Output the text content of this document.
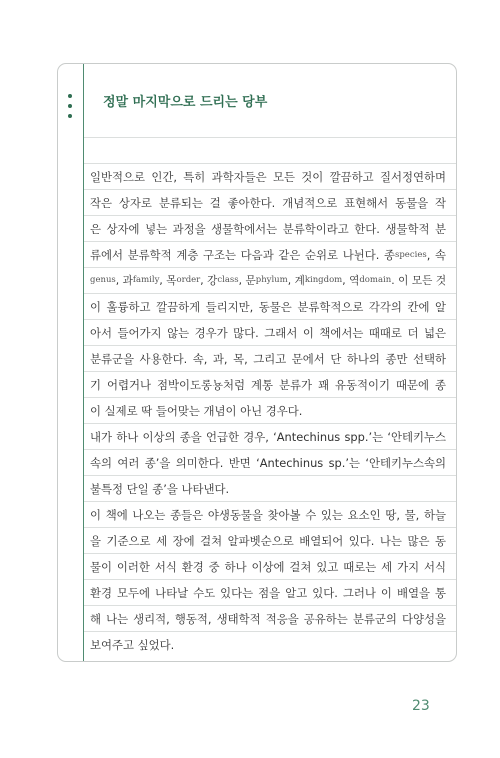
정말 마지막으로 드리는 당부
일반적으로 인간, 특히 과학자들은 모든 것이 깔끔하고 질서정연하며
작은 상자로 분류되는 걸 좋아한다. 개념적으로 표현해서 동물을 작
은 상자에 넣는 과정을 생물학에서는 분류학이라고 한다. 생물학적 분
류에서 분류학적 계층 구조는 다음과 같은 순위로 나뉜다. 종species, 속
genus, 과family, 목order, 강class, 문phylum, 계kingdom, 역domain. 이 모든 것
이 훌륭하고 깔끔하게 들리지만, 동물은 분류학적으로 각각의 칸에 알
아서 들어가지 않는 경우가 많다. 그래서 이 책에서는 때때로 더 넓은
분류군을 사용한다. 속, 과, 목, 그리고 문에서 단 하나의 종만 선택하
기 어렵거나 점박이도롱뇽처럼 계통 분류가 꽤 유동적이기 때문에 종
이 실제로 딱 들어맞는 개념이 아닌 경우다.
내가 하나 이상의 종을 언급한 경우, ‘Antechinus spp.’는 ‘안테키누스
속의 여러 종’을 의미한다. 반면 ‘Antechinus sp.’는 ‘안테키누스속의
불특정 단일 종’을 나타낸다.
이 책에 나오는 종들은 야생동물을 찾아볼 수 있는 요소인 땅, 물, 하늘
을 기준으로 세 장에 걸쳐 알파벳순으로 배열되어 있다. 나는 많은 동
물이 이러한 서식 환경 중 하나 이상에 걸쳐 있고 때로는 세 가지 서식
환경 모두에 나타날 수도 있다는 점을 알고 있다. 그러나 이 배열을 통
해 나는 생리적, 행동적, 생태학적 적응을 공유하는 분류군의 다양성을
보여주고 싶었다.
23
